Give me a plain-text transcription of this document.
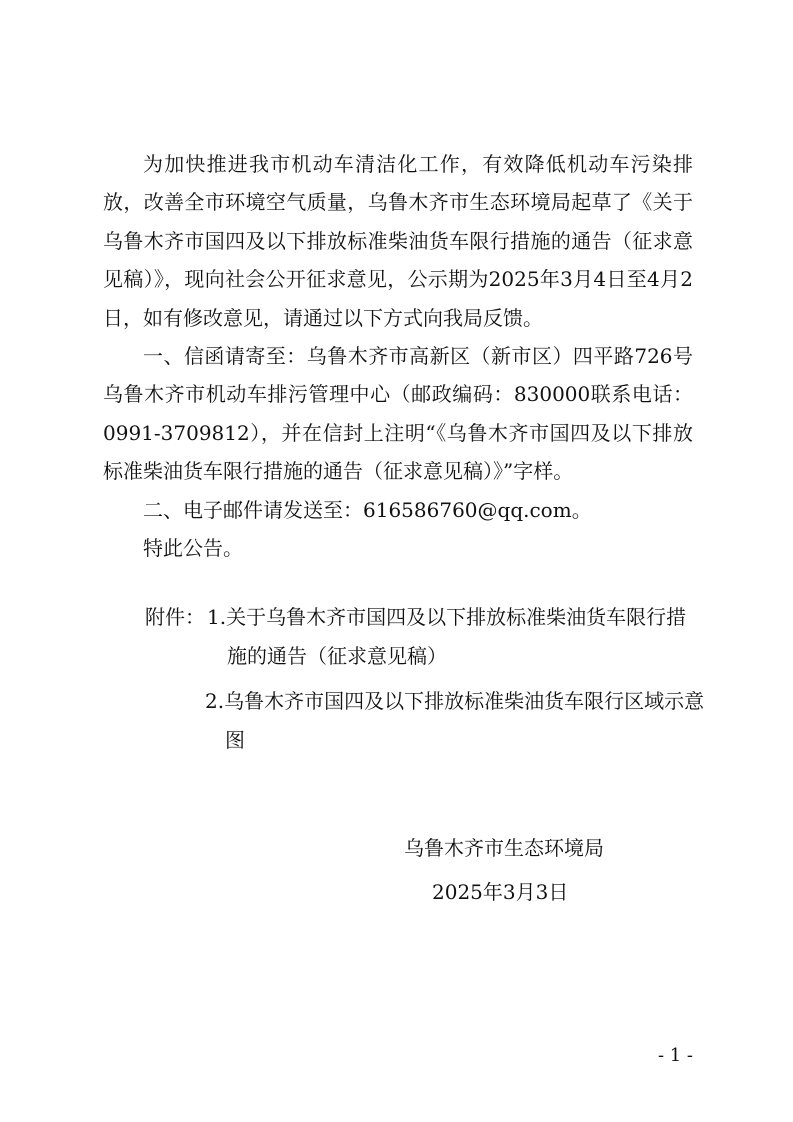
为加快推进我市机动车清洁化工作，有效降低机动车污染排放，改善全市环境空气质量，乌鲁木齐市生态环境局起草了《关于乌鲁木齐市国四及以下排放标准柴油货车限行措施的通告（征求意见稿）》，现向社会公开征求意见，公示期为2025年3月4日至4月2日，如有修改意见，请通过以下方式向我局反馈。

一、信函请寄至：乌鲁木齐市高新区（新市区）四平路726号乌鲁木齐市机动车排污管理中心（邮政编码：830000联系电话：0991-3709812），并在信封上注明“《乌鲁木齐市国四及以下排放标准柴油货车限行措施的通告（征求意见稿）》”字样。

二、电子邮件请发送至：616586760@qq.com。

特此公告。

附件： 1.关于乌鲁木齐市国四及以下排放标准柴油货车限行措施的通告（征求意见稿）

2.乌鲁木齐市国四及以下排放标准柴油货车限行区域示意图

乌鲁木齐市生态环境局

2025年3月3日

- 1 -
